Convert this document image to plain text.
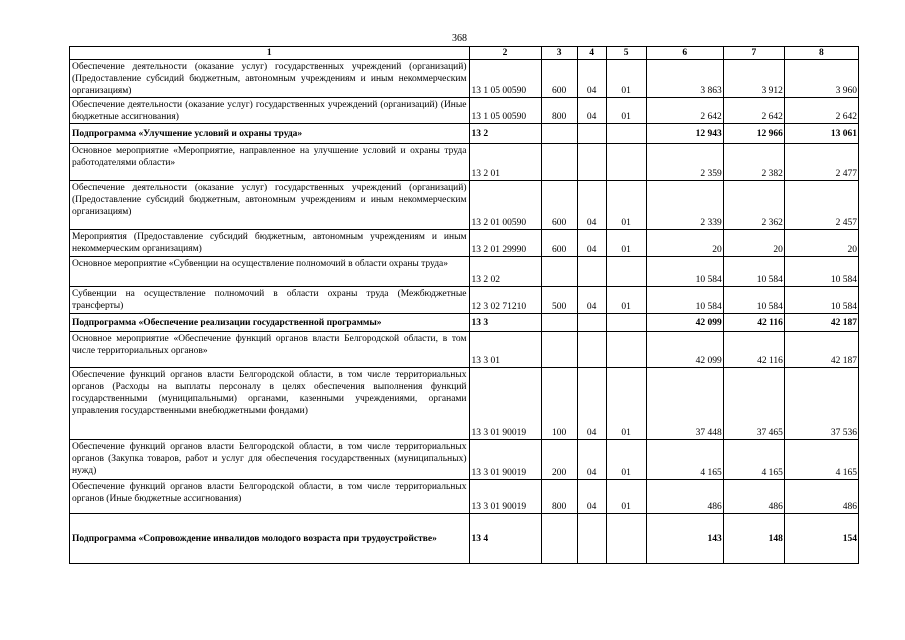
368
1	2	3	4	5	6	7	8
Обеспечение деятельности (оказание услуг) государственных учреждений (организаций) (Предоставление субсидий бюджетным, автономным учреждениям и иным некоммерческим организациям)	13 1 05 00590	600	04	01	3 863	3 912	3 960
Обеспечение деятельности (оказание услуг) государственных учреждений (организаций) (Иные бюджетные ассигнования)	13 1 05 00590	800	04	01	2 642	2 642	2 642
Подпрограмма «Улучшение условий и охраны труда»	13 2				12 943	12 966	13 061
Основное мероприятие «Мероприятие, направленное на улучшение условий и охраны труда работодателями области»	13 2 01				2 359	2 382	2 477
Обеспечение деятельности (оказание услуг) государственных учреждений (организаций) (Предоставление субсидий бюджетным, автономным учреждениям и иным некоммерческим организациям)	13 2 01 00590	600	04	01	2 339	2 362	2 457
Мероприятия (Предоставление субсидий бюджетным, автономным учреждениям и иным некоммерческим организациям)	13 2 01 29990	600	04	01	20	20	20
Основное мероприятие «Субвенции на осуществление полномочий в области охраны труда»	13 2 02				10 584	10 584	10 584
Субвенции на осуществление полномочий в области охраны труда (Межбюджетные трансферты)	12 3 02 71210	500	04	01	10 584	10 584	10 584
Подпрограмма «Обеспечение реализации государственной программы»	13 3				42 099	42 116	42 187
Основное мероприятие «Обеспечение функций органов власти Белгородской области, в том числе территориальных органов»	13 3 01				42 099	42 116	42 187
Обеспечение функций органов власти Белгородской области, в том числе территориальных органов (Расходы на выплаты персоналу в целях обеспечения выполнения функций государственными (муниципальными) органами, казенными учреждениями, органами управления государственными внебюджетными фондами)	13 3 01 90019	100	04	01	37 448	37 465	37 536
Обеспечение функций органов власти Белгородской области, в том числе территориальных органов (Закупка товаров, работ и услуг для обеспечения государственных (муниципальных) нужд)	13 3 01 90019	200	04	01	4 165	4 165	4 165
Обеспечение функций органов власти Белгородской области, в том числе территориальных органов (Иные бюджетные ассигнования)	13 3 01 90019	800	04	01	486	486	486
Подпрограмма «Сопровождение инвалидов молодого возраста при трудоустройстве»	13 4				143	148	154
